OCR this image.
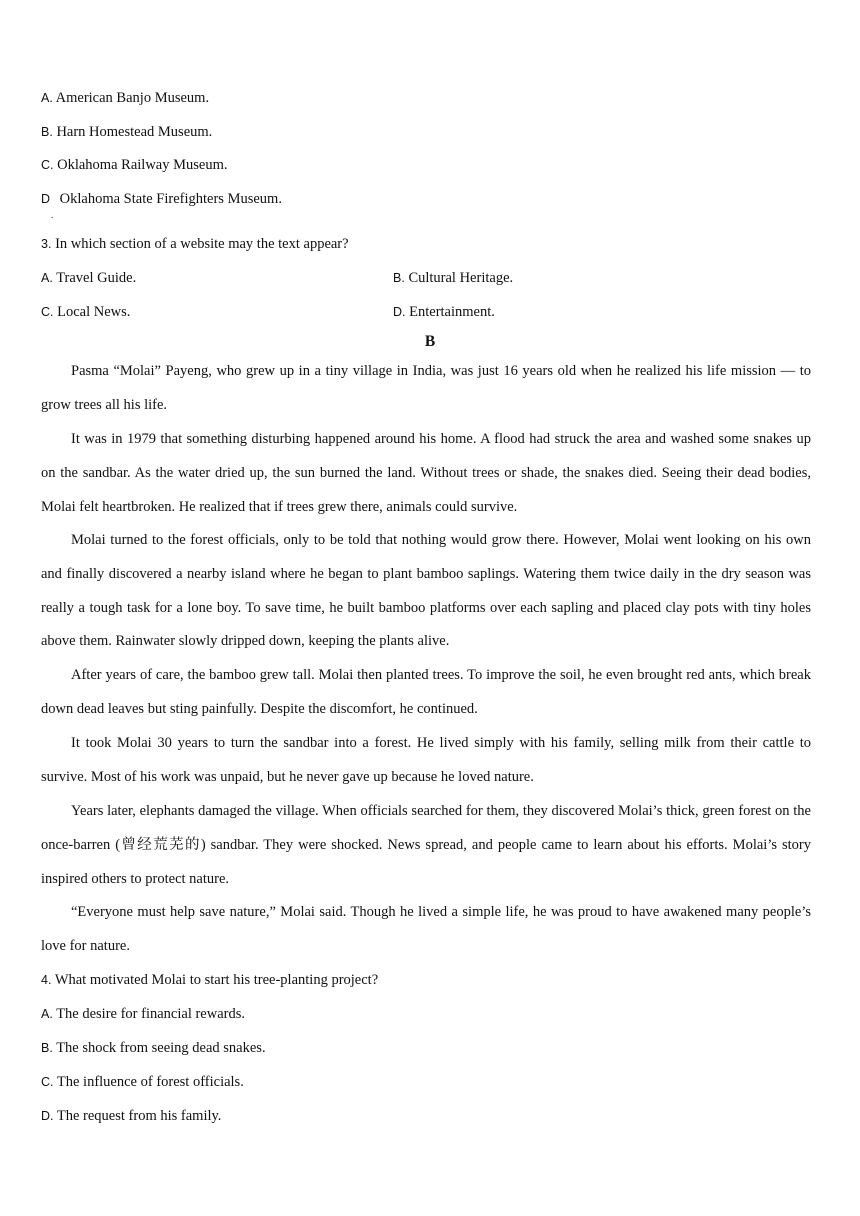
A. American Banjo Museum.
B. Harn Homestead Museum.
C. Oklahoma Railway Museum.
D Oklahoma State Firefighters Museum.
.
3. In which section of a website may the text appear?
A. Travel Guide.	B. Cultural Heritage.
C. Local News.	D. Entertainment.
B

Pasma “Molai” Payeng, who grew up in a tiny village in India, was just 16 years old when he realized his life mission — to grow trees all his life.

It was in 1979 that something disturbing happened around his home. A flood had struck the area and washed some snakes up on the sandbar. As the water dried up, the sun burned the land. Without trees or shade, the snakes died. Seeing their dead bodies, Molai felt heartbroken. He realized that if trees grew there, animals could survive.

Molai turned to the forest officials, only to be told that nothing would grow there. However, Molai went looking on his own and finally discovered a nearby island where he began to plant bamboo saplings. Watering them twice daily in the dry season was really a tough task for a lone boy. To save time, he built bamboo platforms over each sapling and placed clay pots with tiny holes above them. Rainwater slowly dripped down, keeping the plants alive.

After years of care, the bamboo grew tall. Molai then planted trees. To improve the soil, he even brought red ants, which break down dead leaves but sting painfully. Despite the discomfort, he continued.

It took Molai 30 years to turn the sandbar into a forest. He lived simply with his family, selling milk from their cattle to survive. Most of his work was unpaid, but he never gave up because he loved nature.

Years later, elephants damaged the village. When officials searched for them, they discovered Molai’s thick, green forest on the once-barren (曾经荒芜的) sandbar. They were shocked. News spread, and people came to learn about his efforts. Molai’s story inspired others to protect nature.

“Everyone must help save nature,” Molai said. Though he lived a simple life, he was proud to have awakened many people’s love for nature.

4. What motivated Molai to start his tree-planting project?
A. The desire for financial rewards.
B. The shock from seeing dead snakes.
C. The influence of forest officials.
D. The request from his family.
